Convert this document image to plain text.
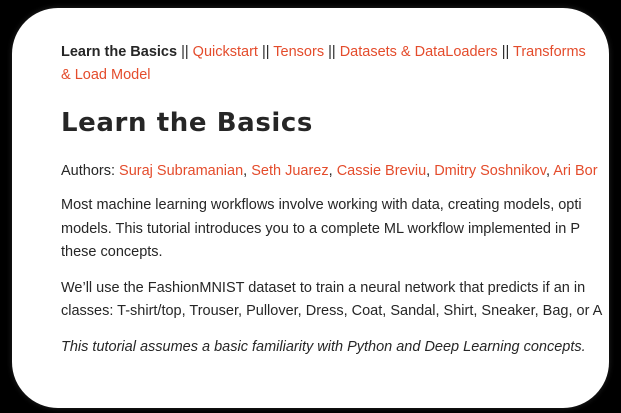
Learn the Basics || Quickstart || Tensors || Datasets & DataLoaders || Transforms
& Load Model
Learn the Basics
Authors: Suraj Subramanian, Seth Juarez, Cassie Breviu, Dmitry Soshnikov, Ari Bor

Most machine learning workflows involve working with data, creating models, opti

models. This tutorial introduces you to a complete ML workflow implemented in P

these concepts.

We’ll use the FashionMNIST dataset to train a neural network that predicts if an in

classes: T-shirt/top, Trouser, Pullover, Dress, Coat, Sandal, Shirt, Sneaker, Bag, or A

This tutorial assumes a basic familiarity with Python and Deep Learning concepts.
